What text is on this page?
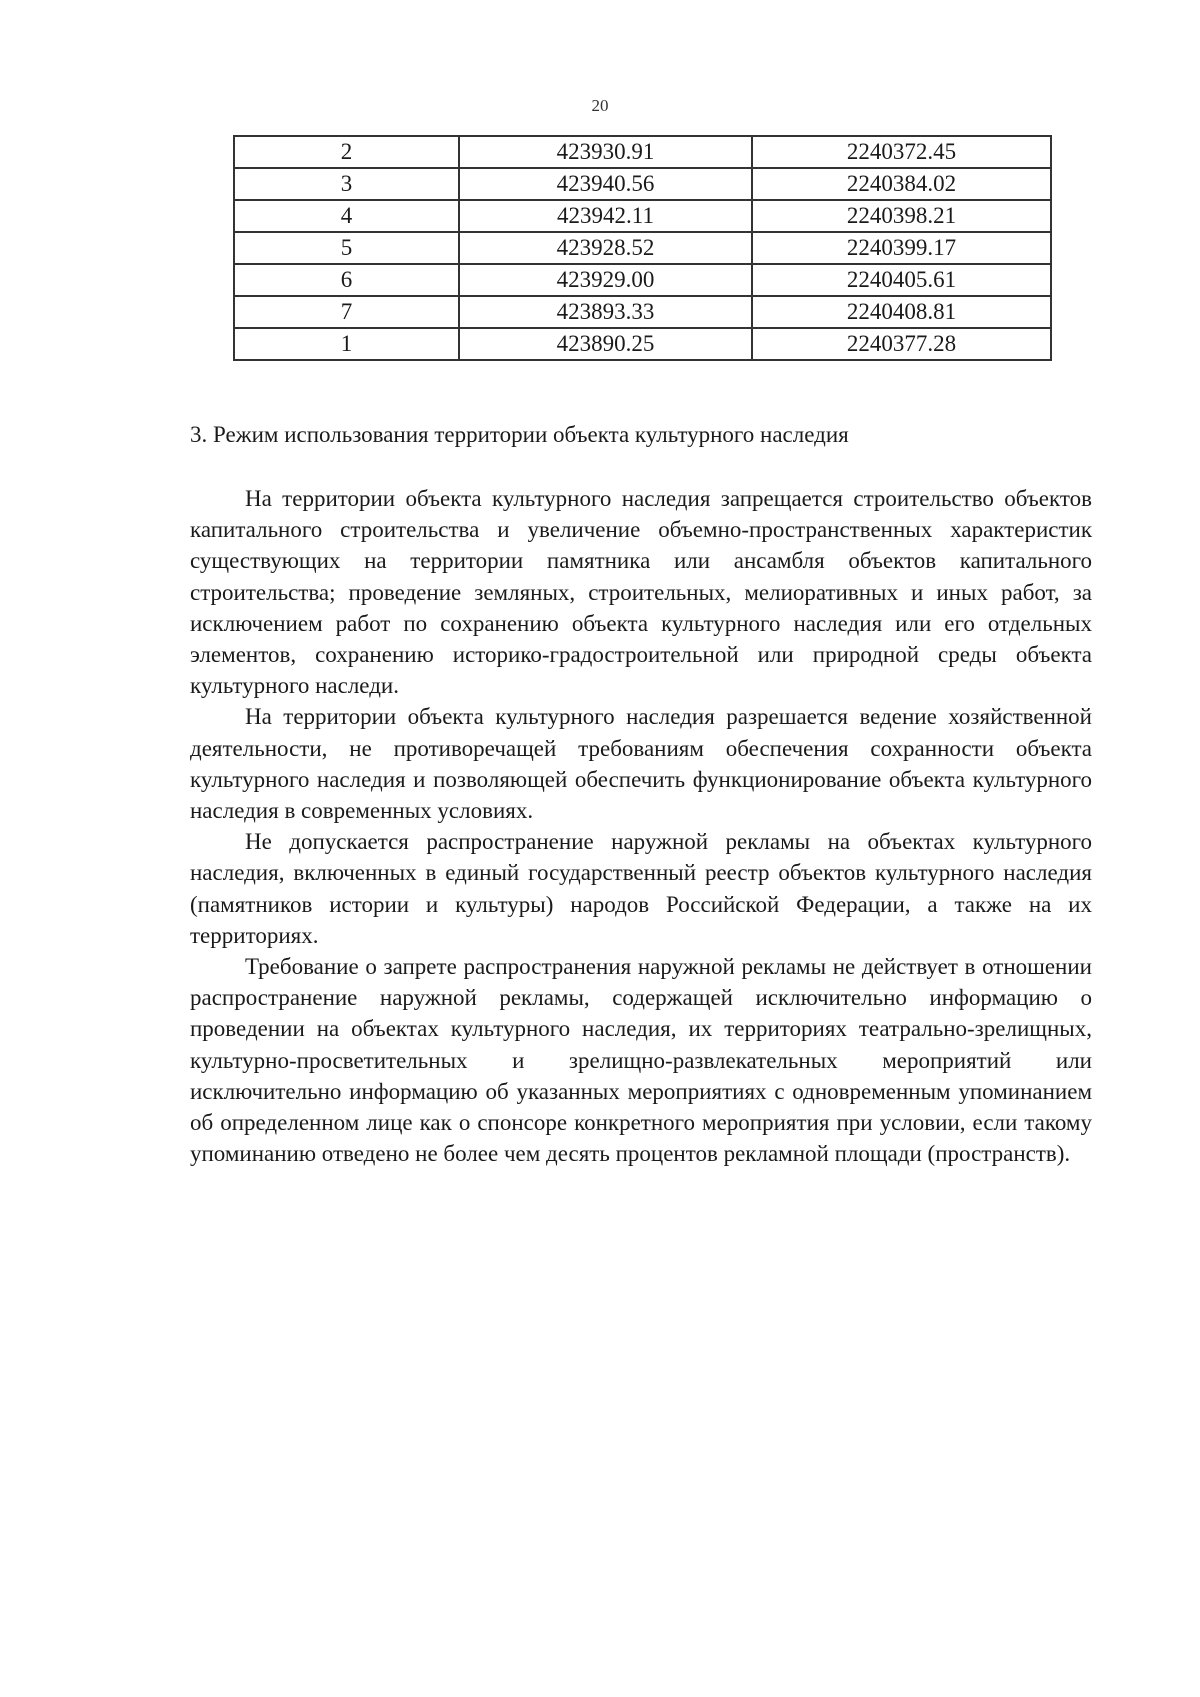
20
2	423930.91	2240372.45
3	423940.56	2240384.02
4	423942.11	2240398.21
5	423928.52	2240399.17
6	423929.00	2240405.61
7	423893.33	2240408.81
1	423890.25	2240377.28
3. Режим использования территории объекта культурного наследия

На территории объекта культурного наследия запрещается строительство объектов капитального строительства и увеличение объемно-пространственных характеристик существующих на территории памятника или ансамбля объектов капитального строительства; проведение земляных, строительных, мелиоративных и иных работ, за исключением работ по сохранению объекта культурного наследия или его отдельных элементов, сохранению историко-градостроительной или природной среды объекта культурного наследи.

На территории объекта культурного наследия разрешается ведение хозяйственной деятельности, не противоречащей требованиям обеспечения сохранности объекта культурного наследия и позволяющей обеспечить функционирование объекта культурного наследия в современных условиях.

Не допускается распространение наружной рекламы на объектах культурного наследия, включенных в единый государственный реестр объектов культурного наследия (памятников истории и культуры) народов Российской Федерации, а также на их территориях.

Требование о запрете распространения наружной рекламы не действует в отношении распространение наружной рекламы, содержащей исключительно информацию о проведении на объектах культурного наследия, их территориях театрально-зрелищных, культурно-просветительных и зрелищно-развлекательных мероприятий или исключительно информацию об указанных мероприятиях с одновременным упоминанием об определенном лице как о спонсоре конкретного мероприятия при условии, если такому упоминанию отведено не более чем десять процентов рекламной площади (пространств).
